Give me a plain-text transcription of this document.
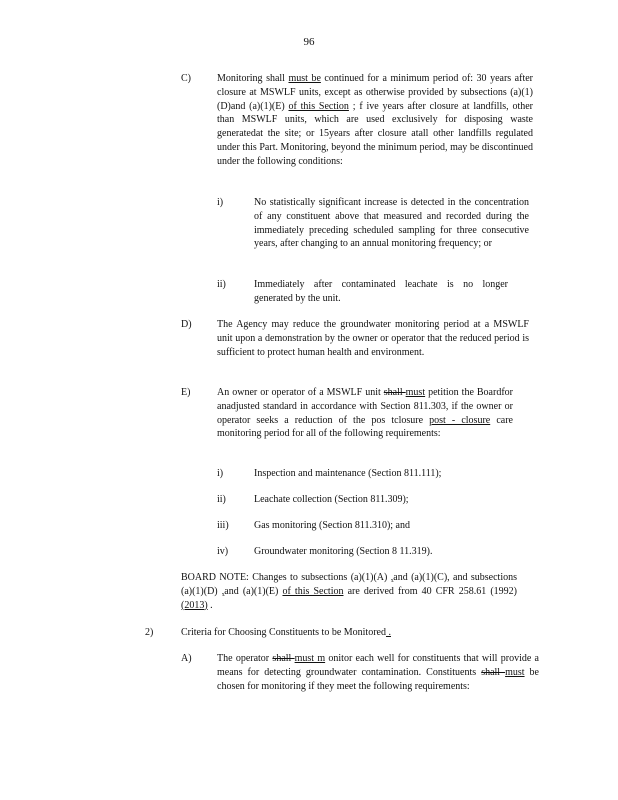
96
C)	Monitoring shall must be continued for a minimum period of: 30 years after closure at MSWLF units, except as otherwise provided by subsections (a)(1)(D)and (a)(1)(E) of this Section ; f ive years after closure at landfills, other than MSWLF units, which are used exclusively for disposing waste generatedat the site; or 15years after closure atall other landfills regulated under this Part. Monitoring, beyond the minimum period, may be discontinued under the following conditions:
i)	No statistically significant increase is detected in the concentration of any constituent above that measured and recorded during the immediately preceding scheduled sampling for three consecutive years, after changing to an annual monitoring frequency; or
ii)	Immediately after contaminated leachate is no longer generated by the unit.
D)	The Agency may reduce the groundwater monitoring period at a MSWLF unit upon a demonstration by the owner or operator that the reduced period is sufficient to protect human health and environment.
E)	An owner or operator of a MSWLF unit shall must petition the Boardfor anadjusted standard in accordance with Section 811.303, if the owner or operator seeks a reduction of the pos tclosure post - closure care monitoring period for all of the following requirements:
i)	Inspection and maintenance (Section 811.111);
ii)	Leachate collection (Section 811.309);
iii)	Gas monitoring (Section 811.310); and
iv)	Groundwater monitoring (Section 8 11.319).
BOARD NOTE: Changes to subsections (a)(1)(A) ,and (a)(1)(C), and subsections (a)(1)(D) ,and (a)(1)(E) of this Section are derived from 40 CFR 258.61 (1992) (2013) .
2)	Criteria for Choosing Constituents to be Monitored .
A)	The operator shall must m onitor each well for constituents that will provide a means for detecting groundwater contamination. Constituents shall must be chosen for monitoring if they meet the following requirements:
